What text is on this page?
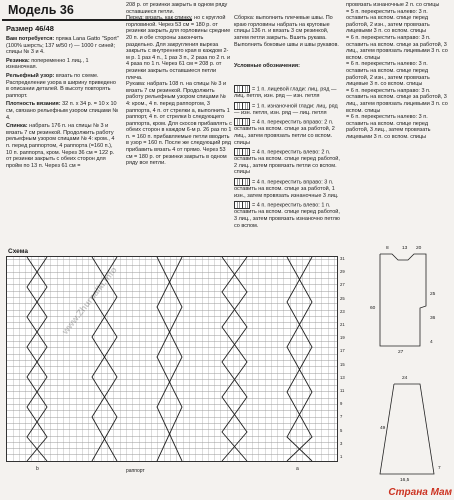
Модель 36
Размер 46/48

Вам потребуется: пряжа Lana Gatto "Sport" (100% шерсть; 137 м/50 г) — 1000 г синей; спицы № 3 и 4.

Резинка: попеременно 1 лиц., 1 изнаночная.

Рельефный узор: вязать по схеме. Распределение узора в ширину приведено в описании деталей. В высоту повторять раппорт.

Плотность вязания: 32 п. х 34 р. = 10 х 10 см, связано рельефным узором спицами № 4.

Спинка: набрать 176 п. на спицы № 3 и вязать 7 см резинкой. Продолжить работу рельефным узором спицами № 4: кром., 4 п. перед раппортом, 4 раппорта (=160 п.), 10 п. раппорта, кром. Через 36 см = 122 р. от резинки закрыть с обеих сторон для пройм по 13 п. Через 61 см =

208 р. от резинки закрыть в одном ряду оставшиеся петли.
Перед: вязать, как спинку, но с круглой горловиной. Через 53 см = 180 р. от резинки закрыть для горловины средние 20 п. и обе стороны закончить раздельно. Для закругления выреза закрыть с внутреннего края в каждом 2-м р. 1 раз 4 п., 1 раз 3 п., 2 раза по 2 п. и 4 раза по 1 п. Через 61 см = 208 р. от резинки закрыть оставшиеся петли плеча.
Рукава: набрать 108 п. на спицы № 3 и вязать 7 см резинкой. Продолжить работу рельефным узором спицами № 4: кром., 4 п. перед раппортом, 3 раппорта, 4 п. от стрелки a, выполнить 1 раппорт, 4 п. от стрелки b следующего раппорта, кром. Для скосов прибавлять с обеих сторон в каждом 6-м р. 26 раз по 1 п. = 160 п. прибавляемые петли вводить в узор = 160 п. После же следующий ряд прибавить вязать 4 от прямо. Через 53 см = 180 р. от резинки закрыть в одном ряду все петли.

Сборка: выполнить плечевые швы. По краю горловины набрать на круговые спицы 136 п. и вязать 3 см резинкой, затем петли закрыть. Вшить рукава. Выполнить боковые швы и швы рукавов.

Условные обозначения:

= 1 п. лицевой глади: лиц. ряд — лиц. петля, изн. ряд — изн. петля

= 1 п. изнаночной глади: лиц. ряд — изн. петля, изн. ряд — лиц. петля

= 4 п. перекрестить вправо: 2 п. оставить на вспом. спице за работой, 2 лиц., затем провязать петли со вспом. спицы

= 4 п. перекрестить влево: 2 п. оставить на вспом. спице перед работой, 2 лиц., затем провязать петли со вспом. спицы

= 4 п. перекрестить вправо: 3 п. оставить на вспом. спице за работой, 1 изн., затем провязать изнаночные 3 лиц.

= 4 п. перекрестить влево: 1 п. оставить на вспом. спице перед работой, 3 лиц., затем провязать изнаночно петлю со вспом.

провязать изнаночные 2 п. со спицы
= 5 п. перекрестить налево: 3 п. оставить на вспом. спице перед работой, 2 изн., затем провязать лицевыми 3 п. со вспом. спицы
= 6 п. перекрестить направо: 3 п. оставить на вспом. спице за работой, 3 лиц., затем провязать лицевыми 3 п. со вспом. спицы
= 6 п. перекрестить налево: 3 п. оставить на вспом. спице перед работой, 2 изн., затем провязать лицевые 3 п. со вспом. спицы
= 6 п. перекрестить направо: 3 п. оставить на вспом. спице за работой, 3 лиц., затем провязать лицевыми 3 п. со вспом. спицы
= 6 п. перекрестить налево: 3 п. оставить на вспом. спице перед работой, 3 лиц., затем провязать лицевыми 3 п. со вспом. спицы
Схема
31
29
27
25
23
21
19
17
15
13
11
9
7
5
3
1
раппорт
b	a
www.Zhurnalki.info
8	13 20
25
36
60
4
27
24
49
7
16,5
Страна Мам
